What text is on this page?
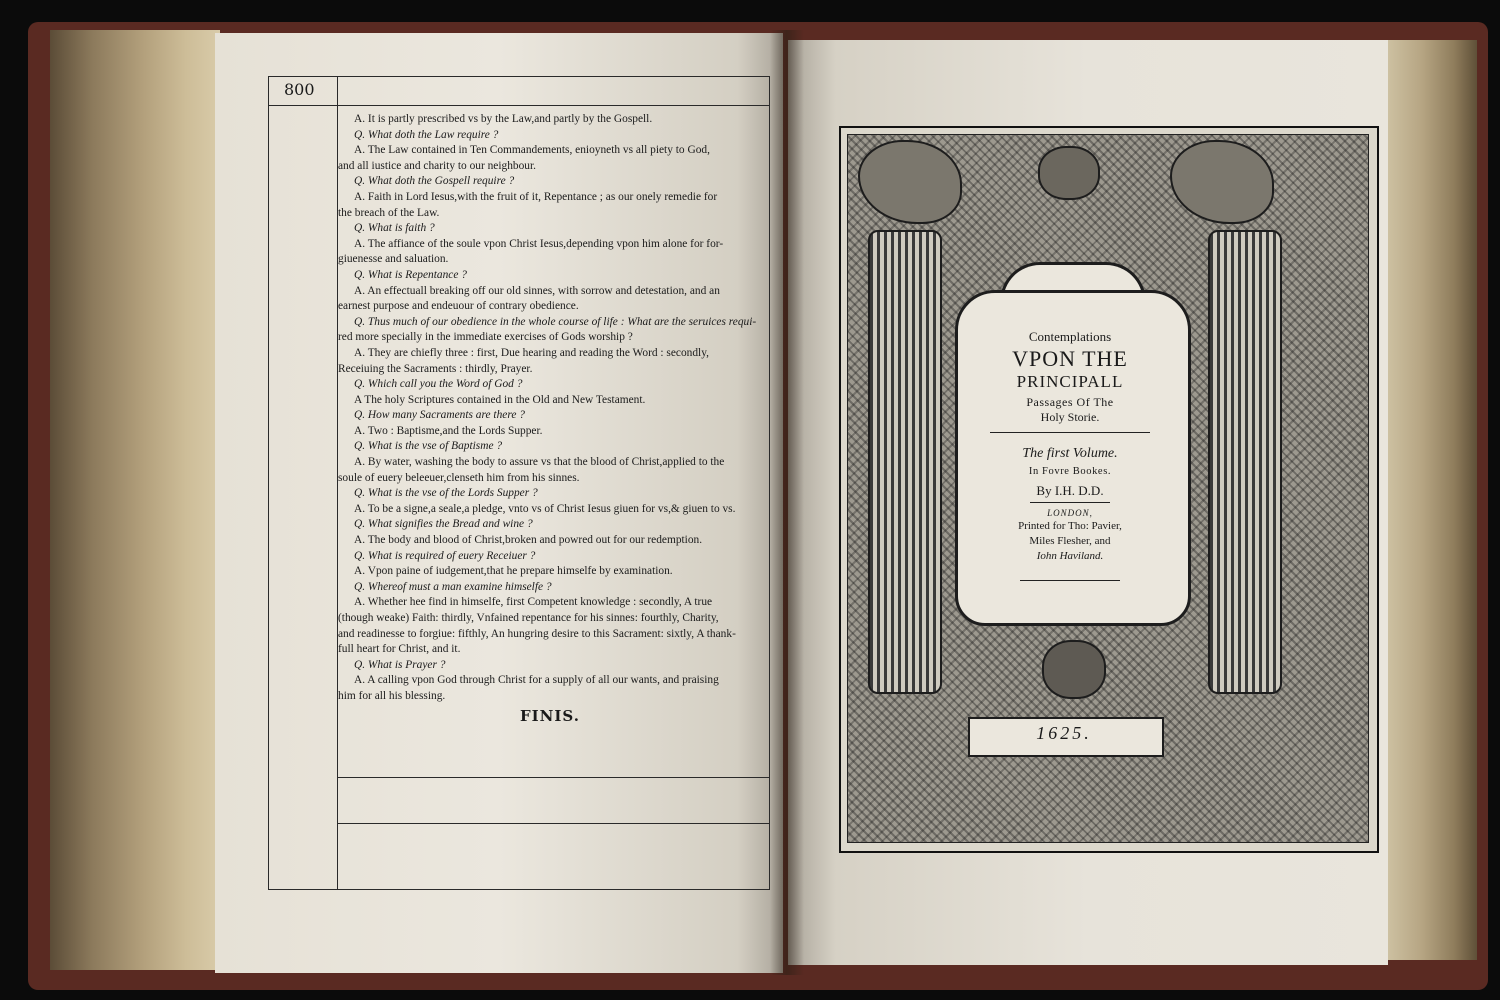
800
A. It is partly prescribed vs by the Law,and partly by the Gospell.
Q. What doth the Law require ?
A. The Law contained in Ten Commandements, enioyneth vs all piety to God,
and all iustice and charity to our neighbour.
Q. What doth the Gospell require ?
A. Faith in Lord Iesus,with the fruit of it, Repentance ; as our onely remedie for
the breach of the Law.
Q. What is faith ?
A. The affiance of the soule vpon Christ Iesus,depending vpon him alone for for-
giuenesse and saluation.
Q. What is Repentance ?
A. An effectuall breaking off our old sinnes, with sorrow and detestation, and an
earnest purpose and endeuour of contrary obedience.
Q. Thus much of our obedience in the whole course of life : What are the seruices requi-
red more specially in the immediate exercises of Gods worship ?
A. They are chiefly three : first, Due hearing and reading the Word : secondly,
Receiuing the Sacraments : thirdly, Prayer.
Q. Which call you the Word of God ?
A The holy Scriptures contained in the Old and New Testament.
Q. How many Sacraments are there ?
A. Two : Baptisme,and the Lords Supper.
Q. What is the vse of Baptisme ?
A. By water, washing the body to assure vs that the blood of Christ,applied to the
soule of euery beleeuer,clenseth him from his sinnes.
Q. What is the vse of the Lords Supper ?
A. To be a signe,a seale,a pledge, vnto vs of Christ Iesus giuen for vs,& giuen to vs.
Q. What signifies the Bread and wine ?
A. The body and blood of Christ,broken and powred out for our redemption.
Q. What is required of euery Receiuer ?
A. Vpon paine of iudgement,that he prepare himselfe by examination.
Q. Whereof must a man examine himselfe ?
A. Whether hee find in himselfe, first Competent knowledge : secondly, A true
(though weake) Faith: thirdly, Vnfained repentance for his sinnes: fourthly, Charity,
and readinesse to forgiue: fifthly, An hungring desire to this Sacrament: sixtly, A thank-
full heart for Christ, and it.
Q. What is Prayer ?
A. A calling vpon God through Christ for a supply of all our wants, and praising
him for all his blessing.
FINIS.
Contemplations
VPON THE
PRINCIPALL
Passages Of The
Holy Storie.
The first Volume.
In Fovre Bookes.
By I.H. D.D.
LONDON,
Printed for Tho: Pavier,
Miles Flesher, and
Iohn Haviland.
1625.
